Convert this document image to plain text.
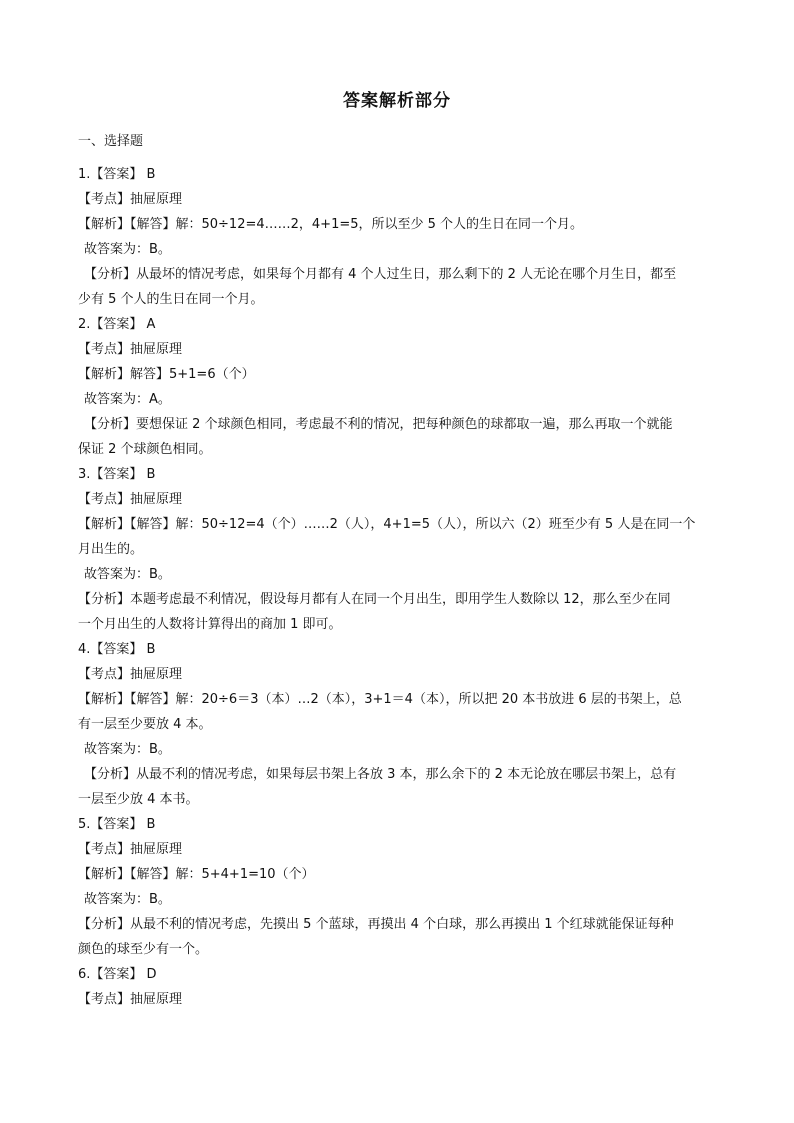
答案解析部分
一、选择题
1.【答案】 B
【考点】抽屉原理
【解析】【解答】解：50÷12=4……2，4+1=5，所以至少 5 个人的生日在同一个月。
故答案为：B。
【分析】从最坏的情况考虑，如果每个月都有 4 个人过生日，那么剩下的 2 人无论在哪个月生日，都至
少有 5 个人的生日在同一个月。
2.【答案】 A
【考点】抽屉原理
【解析】解答】5+1=6（个）
故答案为：A。
【分析】要想保证 2 个球颜色相同，考虑最不利的情况，把每种颜色的球都取一遍，那么再取一个就能
保证 2 个球颜色相同。
3.【答案】 B
【考点】抽屉原理
【解析】【解答】解：50÷12=4（个）……2（人），4+1=5（人），所以六（2）班至少有 5 人是在同一个
月出生的。
故答案为：B。
【分析】本题考虑最不利情况，假设每月都有人在同一个月出生，即用学生人数除以 12，那么至少在同
一个月出生的人数将计算得出的商加 1 即可。
4.【答案】 B
【考点】抽屉原理
【解析】【解答】解：20÷6＝3（本）…2（本），3+1＝4（本），所以把 20 本书放进 6 层的书架上，总
有一层至少要放 4 本。
故答案为：B。
【分析】从最不利的情况考虑，如果每层书架上各放 3 本，那么余下的 2 本无论放在哪层书架上，总有
一层至少放 4 本书。
5.【答案】 B
【考点】抽屉原理
【解析】【解答】解：5+4+1=10（个）
故答案为：B。
【分析】从最不利的情况考虑，先摸出 5 个蓝球，再摸出 4 个白球，那么再摸出 1 个红球就能保证每种
颜色的球至少有一个。
6.【答案】 D
【考点】抽屉原理
